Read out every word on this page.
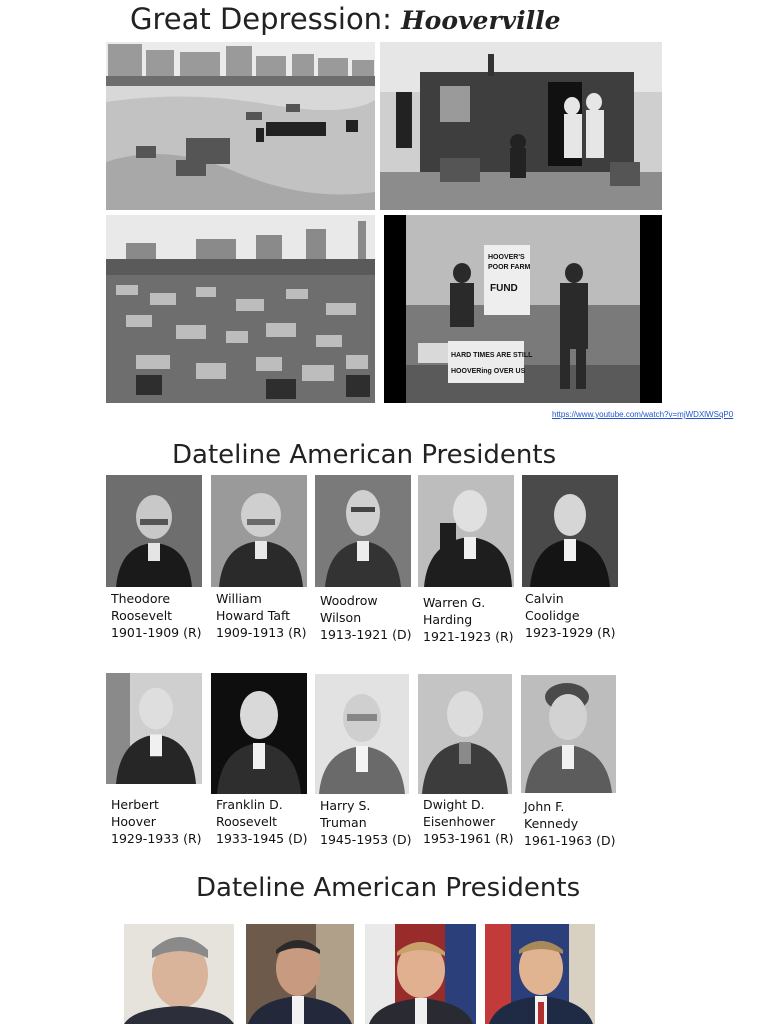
Great Depression: Hooverville
HOOVER'S
POOR FARM
FUND
HARD TIMES ARE STILL
HOOVERing OVER US
https://www.youtube.com/watch?v=mjWDXlWSqP0
Dateline American Presidents
Theodore
Roosevelt
1901-1909 (R)
William
Howard Taft
1909-1913 (R)
Woodrow
Wilson
1913-1921 (D)
Warren G.
Harding
1921-1923 (R)
Calvin
Coolidge
1923-1929 (R)
Herbert
Hoover
1929-1933 (R)
Franklin D.
Roosevelt
1933-1945 (D)
Harry S.
Truman
1945-1953 (D)
Dwight D.
Eisenhower
1953-1961 (R)
John F.
Kennedy
1961-1963 (D)
Dateline American Presidents
